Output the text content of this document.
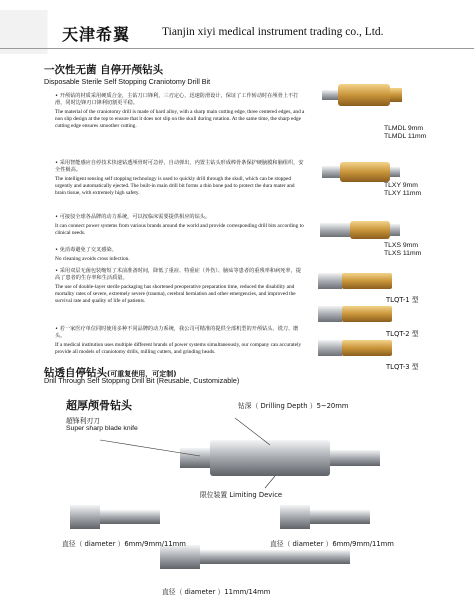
天津希翼	Tianjin xiyi medical instrument trading co., Ltd.
一次性无菌 自停开颅钻头
Disposable Sterile Self Stopping Craniotomy Drill Bit
• 开颅钻的材质采用硬质合金，主钻刀口锋利，三刃定心，迅速防滑设计，保证了工作转动时在颅骨上不打滑，同时边锋刃口锋利切割更平稳。
The material of the craniotomy drill is made of hard alloy, with a sharp main cutting edge, three centered edges, and a non slip design at the top to ensure that it does not slip on the skull during rotation. At the same time, the sharp edge cutting edge ensures smoother cutting.
• 采用智能感应自停技术快速钻透颅骨时可急停，自动弹出，内置主钻头形成棒骨条保护硬脑膜和脑组织，安全性极高。
The intelligent sensing self stopping technology is used to quickly drill through the skull, which can be stopped urgently and automatically ejected. The built-in main drill bit forms a thin bone pad to protect the dura mater and brain tissue, with extremely high safety.
• 可接驳全球各品牌的动力系统，可以按临床需要提供相应的钻头。
It can connect power systems from various brands around the world and provide corresponding drill bits according to clinical needs.
• 免消毒避免了交叉感染。
No cleaning avoids cross infection.
• 采用双层无菌包装缩短了术前准备时间，降低了重症、特重症（外伤）、脑疝等患者的重残率和病死率，提高了患者的生存率和生活质量。
The use of double-layer sterile packaging has shortened preoperative preparation time, reduced the disability and mortality rates of severe, extremely severe (trauma), cerebral herniation and other emergencies, and improved the survival rate and quality of life of patients.
• 若一家医疗单位同时使用多种不同品牌的动力系统，我公司可精准的提供全部机型的开颅钻头、铣刀、磨头。
If a medical institution uses multiple different brands of power systems simultaneously, our company can accurately provide all models of craniotomy drills, milling cutters, and grinding heads.
TLMDL 9mm
TLMDL 11mm
TLXY 9mm
TLXY 11mm
TLXS 9mm
TLXS 11mm
TLQT-1 型
TLQT-2 型
TLQT-3 型
钻透自停钻头(可重复使用，可定制)
Drill Through Self Stopping Drill Bit (Reusable, Customizable)
超厚颅骨钻头	钻深（ Drilling Depth ）5~20mm
超锋利刃刀
Super sharp blade knife
限位装置 Limiting Device
直径（ diameter ）6mm/9mm/11mm	直径（ diameter ）6mm/9mm/11mm
直径（ diameter ）11mm/14mm
